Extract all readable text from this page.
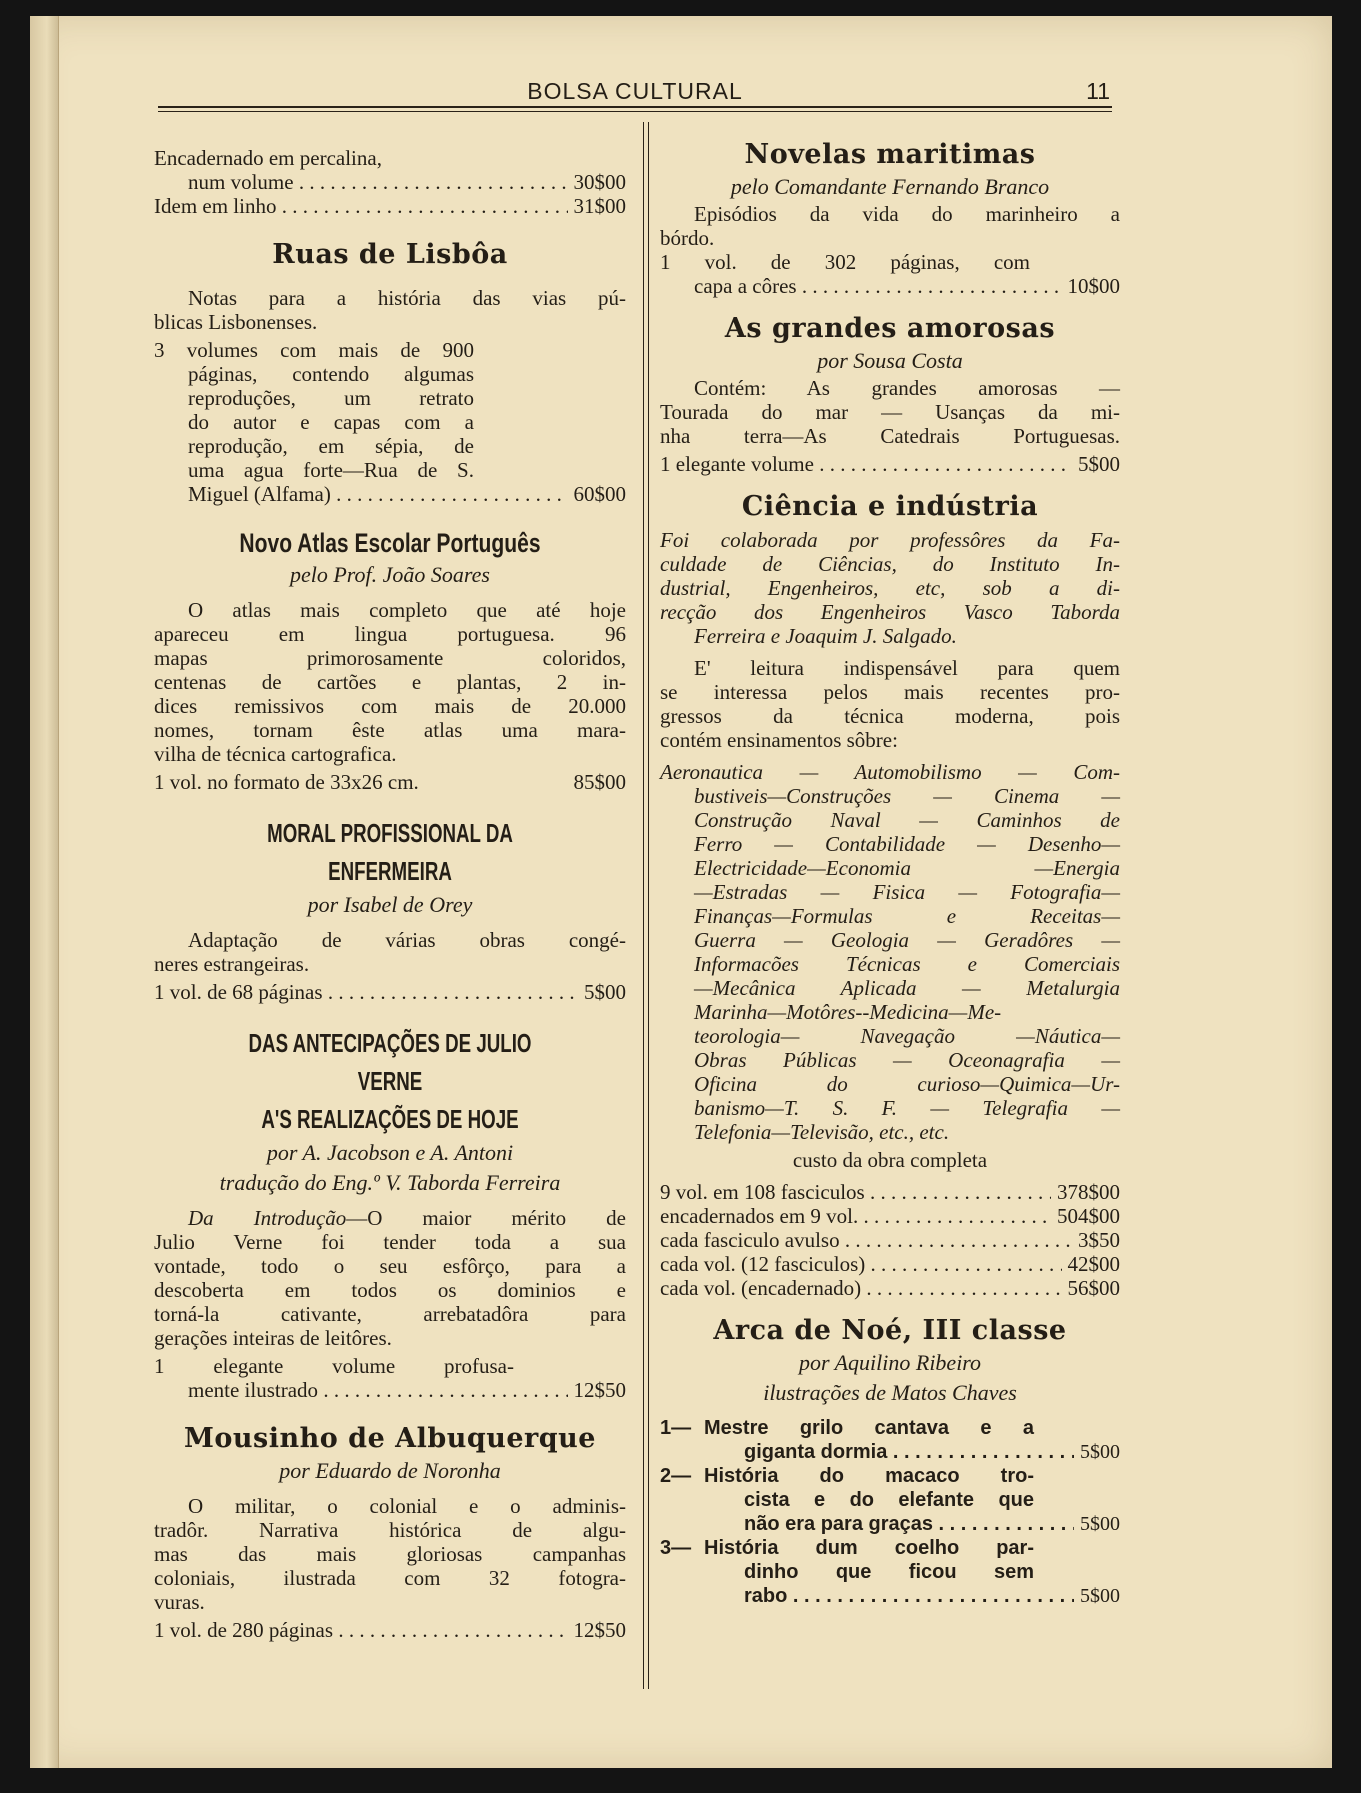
BOLSA CULTURAL	11

Encadernado em percalina,

num volume . . .	30$00

Idem em linho . . .	31$00

Ruas de Lisbôa

Notas para a história das vias pú-

blicas Lisbonenses.

3 volumes com mais de 900

páginas, contendo algumas

reproduções, um retrato

do autor e capas com a

reprodução, em sépia, de

uma agua forte—Rua de S.

Miguel (Alfama) . . .	60$00

Novo Atlas Escolar Português
pelo Prof. João Soares

O atlas mais completo que até hoje

apareceu em lingua portuguesa. 96

mapas primorosamente coloridos,

centenas de cartões e plantas, 2 in-

dices remissivos com mais de 20.000

nomes, tornam êste atlas uma mara-

vilha de técnica cartografica.

1 vol. no formato de 33x26 cm.	85$00

MORAL PROFISSIONAL DA ENFERMEIRA
por Isabel de Orey

Adaptação de várias obras congé-

neres estrangeiras.

1 vol. de 68 páginas . . .	5$00

DAS ANTECIPAÇÕES DE JULIO VERNE
A'S REALIZAÇÕES DE HOJE
por A. Jacobson e A. Antoni
tradução do Eng.º V. Taborda Ferreira

Da Introdução—O maior mérito de

Julio Verne foi tender toda a sua

vontade, todo o seu esfôrço, para a

descoberta em todos os dominios e

torná-la cativante, arrebatadôra para

gerações inteiras de leitôres.

1 elegante volume profusa-

mente ilustrado . . .	12$50

Mousinho de Albuquerque
por Eduardo de Noronha

O militar, o colonial e o adminis-

tradôr. Narrativa histórica de algu-

mas das mais gloriosas campanhas

coloniais, ilustrada com 32 fotogra-

vuras.

1 vol. de 280 páginas . . .	12$50

Novelas maritimas
pelo Comandante Fernando Branco

Episódios da vida do marinheiro a

bórdo.

1 vol. de 302 páginas, com

capa a côres . . .	10$00

As grandes amorosas
por Sousa Costa

Contém: As grandes amorosas —

Tourada do mar — Usanças da mi-

nha terra—As Catedrais Portuguesas.

1 elegante volume . . .	5$00

Ciência e indústria

Foi colaborada por professôres da Fa-

culdade de Ciências, do Instituto In-

dustrial, Engenheiros, etc, sob a di-

recção dos Engenheiros Vasco Taborda

Ferreira e Joaquim J. Salgado.

E' leitura indispensável para quem

se interessa pelos mais recentes pro-

gressos da técnica moderna, pois

contém ensinamentos sôbre:

Aeronautica — Automobilismo — Com-

bustiveis—Construções — Cinema —

Construção Naval — Caminhos de

Ferro — Contabilidade — Desenho—

Electricidade—Economia —Energia

—Estradas — Fisica — Fotografia—

Finanças—Formulas e Receitas—

Guerra — Geologia — Geradôres —

Informacões Técnicas e Comerciais

—Mecânica Aplicada — Metalurgia

Marinha—Motôres--Medicina—Me-

teorologia— Navegação —Náutica—

Obras Públicas — Oceonagrafia —

Oficina do curioso—Quimica—Ur-

banismo—T. S. F. — Telegrafia —

Telefonia—Televisão, etc., etc.

custo da obra completa

9 vol. em 108 fasciculos . . .	378$00

encadernados em 9 vol. . . .	504$00

cada fasciculo avulso . . .	3$50

cada vol. (12 fasciculos) . . .	42$00

cada vol. (encadernado) . . .	56$00

Arca de Noé, III classe
por Aquilino Ribeiro
ilustrações de Matos Chaves
1— Mestre grilo cantava e a

giganta dormia . . .	5$00

2— História do macaco tro-

cista e do elefante que

não era para graças . . .	5$00

3— História dum coelho par-

dinho que ficou sem

rabo . . .	5$00
